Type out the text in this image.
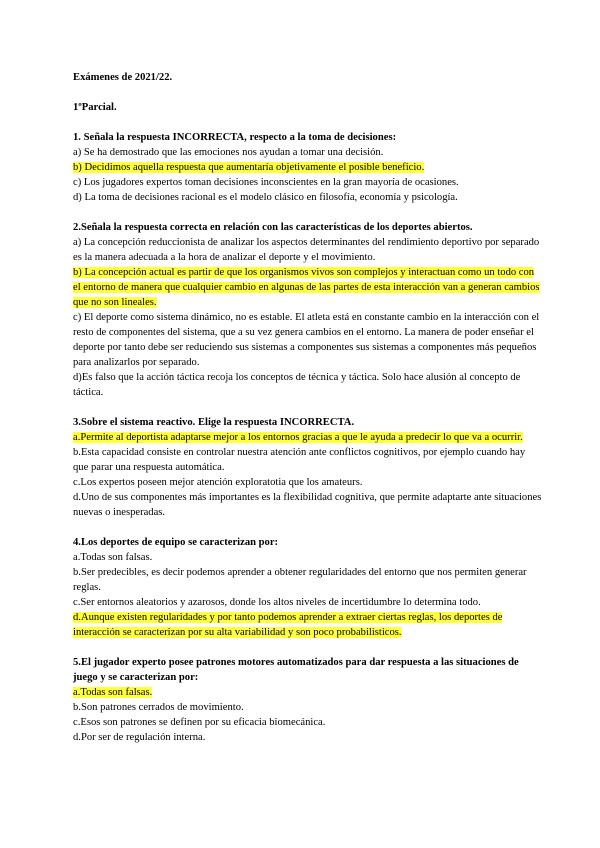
Exámenes de 2021/22.
1ºParcial.
1. Señala la respuesta INCORRECTA, respecto a la toma de decisiones:
a) Se ha demostrado que las emociones nos ayudan a tomar una decisión.
b) Decidimos aquella respuesta que aumentaría objetivamente el posible beneficio.
c) Los jugadores expertos toman decisiones inconscientes en la gran mayoría de ocasiones.
d) La toma de decisiones racional es el modelo clásico en filosofía, economía y psicología.
2.Señala la respuesta correcta en relación con las características de los deportes abiertos.
a) La concepción reduccionista de analizar los aspectos determinantes del rendimiento deportivo por separado es la manera adecuada a la hora de analizar el deporte y el movimiento.
b) La concepción actual es partir de que los organismos vivos son complejos y interactuan como un todo con el entorno de manera que cualquier cambio en algunas de las partes de esta interacción van a generan cambios que no son lineales.
c) El deporte como sistema dinámico, no es estable. El atleta está en constante cambio en la interacción con el resto de componentes del sistema, que a su vez genera cambios en el entorno. La manera de poder enseñar el deporte por tanto debe ser reduciendo sus sistemas a componentes sus sistemas a componentes más pequeños para analizarlos por separado.
d)Es falso que la acción táctica recoja los conceptos de técnica y táctica. Solo hace alusión al concepto de táctica.
3.Sobre el sistema reactivo. Elige la respuesta INCORRECTA.
a.Permite al deportista adaptarse mejor a los entornos gracias a que le ayuda a predecir lo que va a ocurrir.
b.Esta capacidad consiste en controlar nuestra atención ante conflictos cognitivos, por ejemplo cuando hay que parar una respuesta automática.
c.Los expertos poseen mejor atención exploratotia que los amateurs.
d.Uno de sus componentes más importantes es la flexibilidad cognitiva, que permite adaptarte ante situaciones nuevas o inesperadas.
4.Los deportes de equipo se caracterizan por:
a.Todas son falsas.
b.Ser predecibles, es decir podemos aprender a obtener regularidades del entorno que nos permiten generar reglas.
c.Ser entornos aleatorios y azarosos, donde los altos niveles de incertidumbre lo determina todo.
d.Aunque existen regularidades y por tanto podemos aprender a extraer ciertas reglas, los deportes de interacción se caracterizan por su alta variabilidad y son poco probabilisticos.
5.El jugador experto posee patrones motores automatizados para dar respuesta a las situaciones de juego y se caracterizan por:
a.Todas son falsas.
b.Son patrones cerrados de movimiento.
c.Esos son patrones se definen por su eficacia biomecánica.
d.Por ser de regulación interna.
